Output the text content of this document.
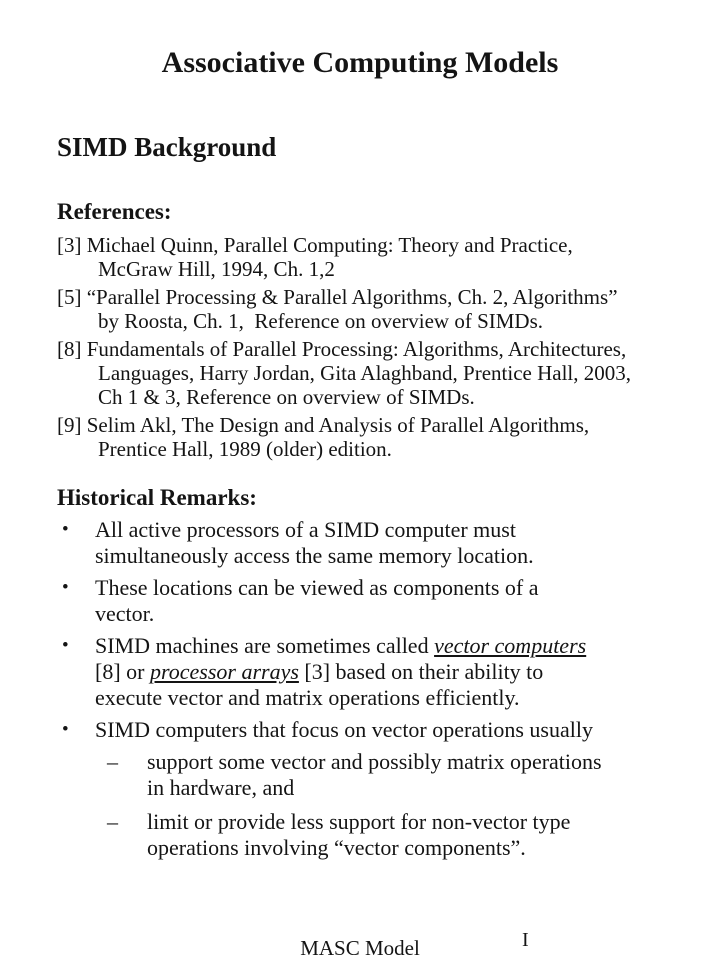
Associative Computing Models
SIMD Background
References:
[3] Michael Quinn, Parallel Computing: Theory and Practice,
McGraw Hill, 1994, Ch. 1,2
[5] “Parallel Processing & Parallel Algorithms, Ch. 2, Algorithms”
by Roosta, Ch. 1,  Reference on overview of SIMDs.
[8] Fundamentals of Parallel Processing: Algorithms, Architectures,
Languages, Harry Jordan, Gita Alaghband, Prentice Hall, 2003,
Ch 1 & 3, Reference on overview of SIMDs.
[9] Selim Akl, The Design and Analysis of Parallel Algorithms,
Prentice Hall, 1989 (older) edition.
Historical Remarks:
•	All active processors of a SIMD computer must
simultaneously access the same memory location.
•	These locations can be viewed as components of a
vector.
•	SIMD machines are sometimes called vector computers
[8] or processor arrays [3] based on their ability to
execute vector and matrix operations efficiently.
•	SIMD computers that focus on vector operations usually
–	support some vector and possibly matrix operations
in hardware, and
–	limit or provide less support for non-vector type
operations involving “vector components”.
MASC Model	I
